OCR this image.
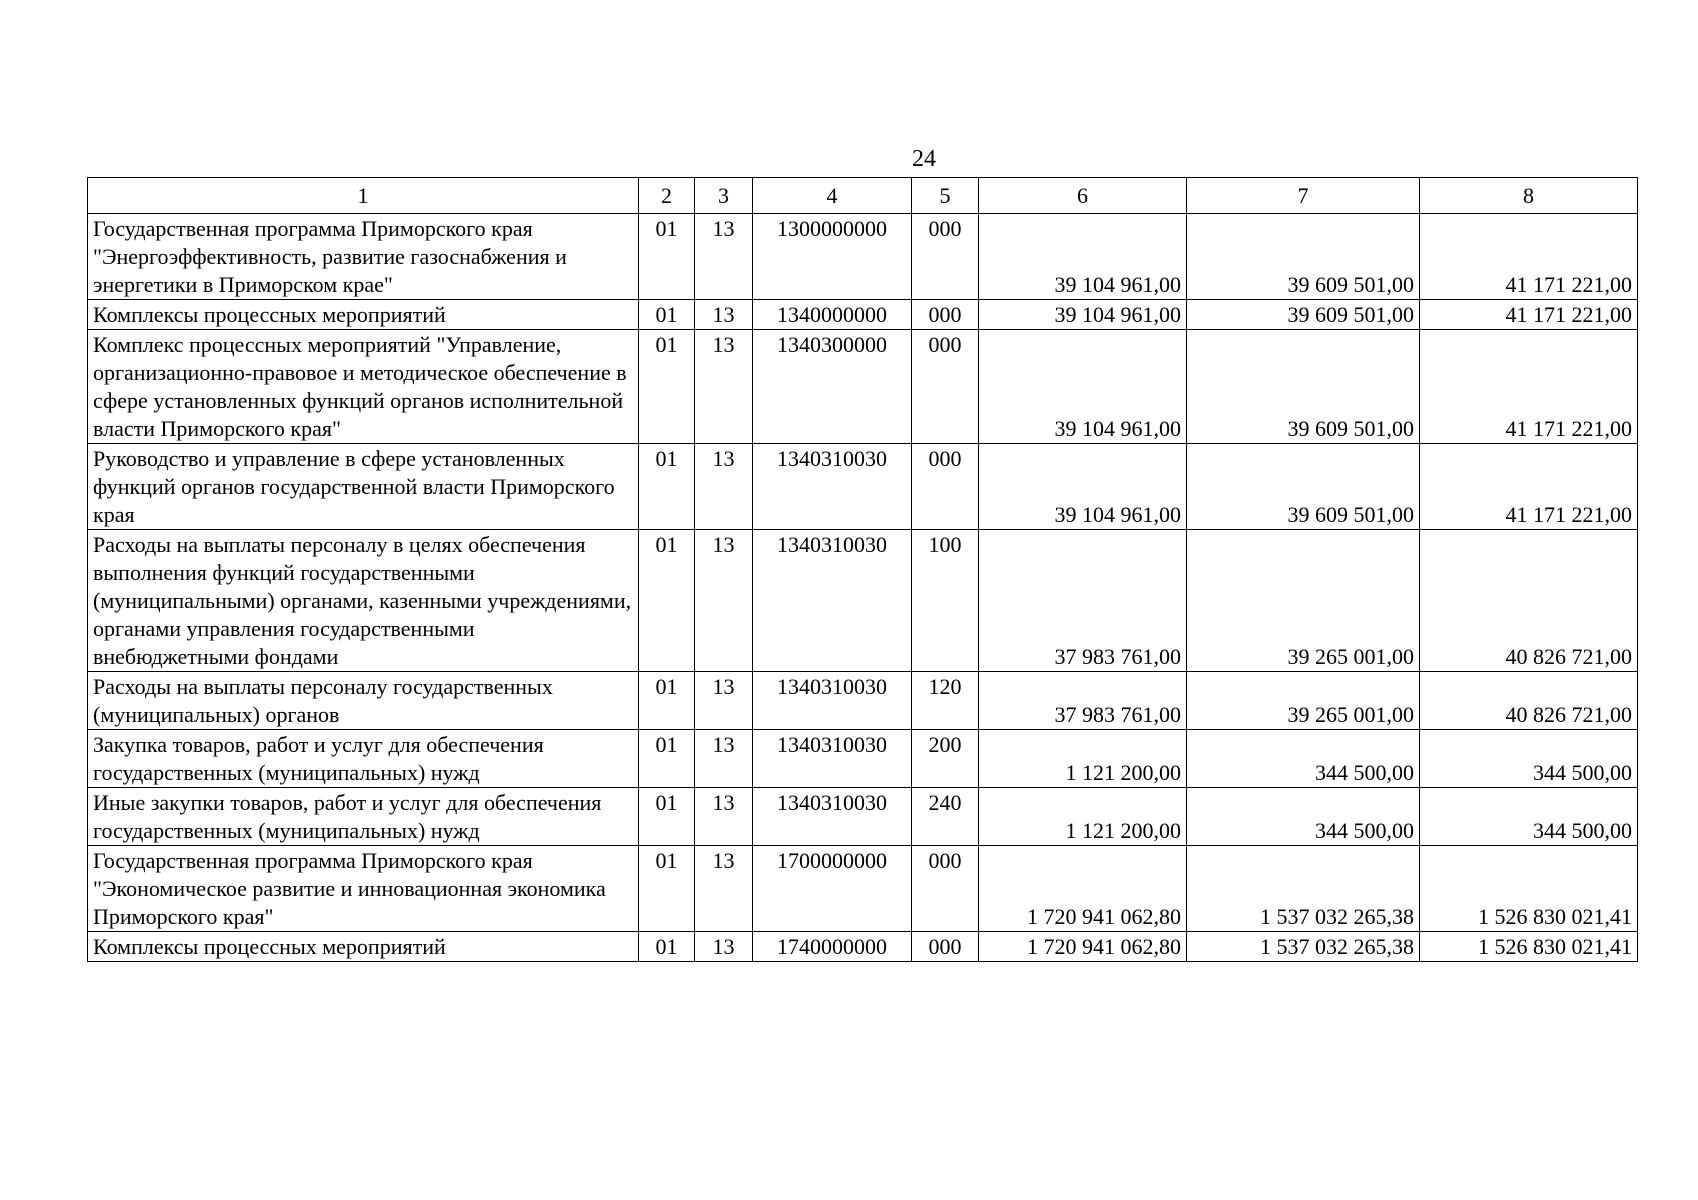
24
1	2	3	4	5	6	7	8
Государственная программа Приморского края "Энергоэффективность, развитие газоснабжения и энергетики в Приморском крае"	01	13	1300000000	000	39 104 961,00	39 609 501,00	41 171 221,00
Комплексы процессных мероприятий	01	13	1340000000	000	39 104 961,00	39 609 501,00	41 171 221,00
Комплекс процессных мероприятий "Управление, организационно-правовое и методическое обеспечение в сфере установленных функций органов исполнительной власти Приморского края"	01	13	1340300000	000	39 104 961,00	39 609 501,00	41 171 221,00
Руководство и управление в сфере установленных функций органов государственной власти Приморского края	01	13	1340310030	000	39 104 961,00	39 609 501,00	41 171 221,00
Расходы на выплаты персоналу в целях обеспечения выполнения функций государственными (муниципальными) органами, казенными учреждениями, органами управления государственными внебюджетными фондами	01	13	1340310030	100	37 983 761,00	39 265 001,00	40 826 721,00
Расходы на выплаты персоналу государственных (муниципальных) органов	01	13	1340310030	120	37 983 761,00	39 265 001,00	40 826 721,00
Закупка товаров, работ и услуг для обеспечения государственных (муниципальных) нужд	01	13	1340310030	200	1 121 200,00	344 500,00	344 500,00
Иные закупки товаров, работ и услуг для обеспечения государственных (муниципальных) нужд	01	13	1340310030	240	1 121 200,00	344 500,00	344 500,00
Государственная программа Приморского края "Экономическое развитие и инновационная экономика Приморского края"	01	13	1700000000	000	1 720 941 062,80	1 537 032 265,38	1 526 830 021,41
Комплексы процессных мероприятий	01	13	1740000000	000	1 720 941 062,80	1 537 032 265,38	1 526 830 021,41
